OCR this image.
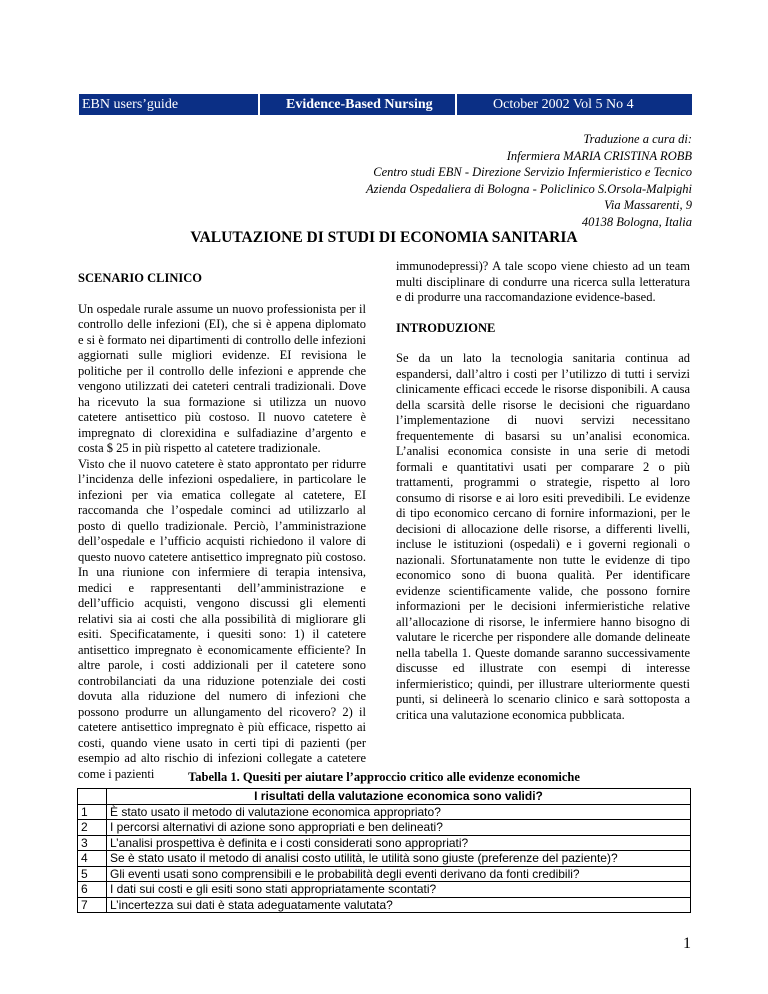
EBN users’guide	Evidence-Based Nursing	October 2002 Vol 5 No 4
Traduzione a cura di:
Infermiera MARIA CRISTINA ROBB
Centro studi EBN - Direzione Servizio Infermieristico e Tecnico
Azienda Ospedaliera di Bologna - Policlinico S.Orsola-Malpighi
Via Massarenti, 9
40138 Bologna, Italia
VALUTAZIONE DI STUDI DI ECONOMIA SANITARIA
SCENARIO CLINICO

Un ospedale rurale assume un nuovo professionista per il controllo delle infezioni (EI), che si è appena diplomato e si è formato nei dipartimenti di controllo delle infezioni aggiornati sulle migliori evidenze. EI revisiona le politiche per il controllo delle infezioni e apprende che vengono utilizzati dei cateteri centrali tradizionali. Dove ha ricevuto la sua formazione si utilizza un nuovo catetere antisettico più costoso. Il nuovo catetere è impregnato di clorexidina e sulfadiazine d’argento e costa $ 25 in più rispetto al catetere tradizionale.

Visto che il nuovo catetere è stato approntato per ridurre l’incidenza delle infezioni ospedaliere, in particolare le infezioni per via ematica collegate al catetere, EI raccomanda che l’ospedale cominci ad utilizzarlo al posto di quello tradizionale. Perciò, l’amministrazione dell’ospedale e l’ufficio acquisti richiedono il valore di questo nuovo catetere antisettico impregnato più costoso. In una riunione con infermiere di terapia intensiva, medici e rappresentanti dell’amministrazione e dell’ufficio acquisti, vengono discussi gli elementi relativi sia ai costi che alla possibilità di migliorare gli esiti. Specificatamente, i quesiti sono: 1) il catetere antisettico impregnato è economicamente efficiente? In altre parole, i costi addizionali per il catetere sono controbilanciati da una riduzione potenziale dei costi dovuta alla riduzione del numero di infezioni che possono produrre un allungamento del ricovero? 2) il catetere antisettico impregnato è più efficace, rispetto ai costi, quando viene usato in certi tipi di pazienti (per esempio ad alto rischio di infezioni collegate a catetere come i pazienti

immunodepressi)? A tale scopo viene chiesto ad un team multi disciplinare di condurre una ricerca sulla letteratura e di produrre una raccomandazione evidence-based.

INTRODUZIONE

Se da un lato la tecnologia sanitaria continua ad espandersi, dall’altro i costi per l’utilizzo di tutti i servizi clinicamente efficaci eccede le risorse disponibili. A causa della scarsità delle risorse le decisioni che riguardano l’implementazione di nuovi servizi necessitano frequentemente di basarsi su un’analisi economica. L’analisi economica consiste in una serie di metodi formali e quantitativi usati per comparare 2 o più trattamenti, programmi o strategie, rispetto al loro consumo di risorse e ai loro esiti prevedibili. Le evidenze di tipo economico cercano di fornire informazioni, per le decisioni di allocazione delle risorse, a differenti livelli, incluse le istituzioni (ospedali) e i governi regionali o nazionali. Sfortunatamente non tutte le evidenze di tipo economico sono di buona qualità. Per identificare evidenze scientificamente valide, che possono fornire informazioni per le decisioni infermieristiche relative all’allocazione di risorse, le infermiere hanno bisogno di valutare le ricerche per rispondere alle domande delineate nella tabella 1. Queste domande saranno successivamente discusse ed illustrate con esempi di interesse infermieristico; quindi, per illustrare ulteriormente questi punti, si delineerà lo scenario clinico e sarà sottoposta a critica una valutazione economica pubblicata.

Tabella 1. Quesiti per aiutare l’approccio critico alle evidenze economiche
	I risultati della valutazione economica sono validi?
1	È stato usato il metodo di valutazione economica appropriato?
2	I percorsi alternativi di azione sono appropriati e ben delineati?
3	L’analisi prospettiva è definita e i costi considerati sono appropriati?
4	Se è stato usato il metodo di analisi costo utilità, le utilità sono giuste (preferenze del paziente)?
5	Gli eventi usati sono comprensibili e le probabilità degli eventi derivano da fonti credibili?
6	I dati sui costi e gli esiti sono stati appropriatamente scontati?
7	L’incertezza sui dati è stata adeguatamente valutata?
1
